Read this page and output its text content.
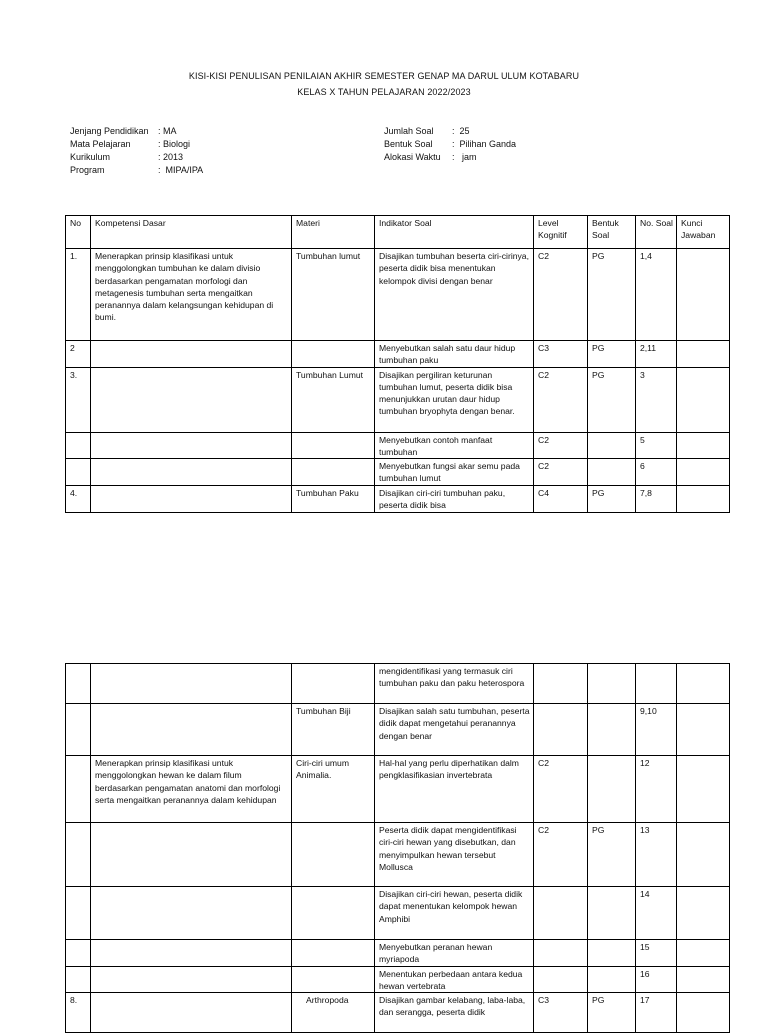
KISI-KISI PENULISAN PENILAIAN AKHIR SEMESTER GENAP MA DARUL ULUM KOTABARU
KELAS X TAHUN PELAJARAN 2022/2023
Jenjang Pendidikan	: MA
Mata Pelajaran	: Biologi
Kurikulum	: 2013
Program	:  MIPA/IPA
Jumlah Soal	:  25
Bentuk Soal	:  Pilihan Ganda
Alokasi Waktu	:   jam
No	Kompetensi Dasar	Materi	Indikator Soal	Level Kognitif	Bentuk Soal	No. Soal	Kunci Jawaban
1.	Menerapkan prinsip klasifikasi untuk menggolongkan tumbuhan ke dalam divisio berdasarkan pengamatan morfologi dan metagenesis tumbuhan serta mengaitkan peranannya dalam kelangsungan kehidupan di bumi.	Tumbuhan lumut	Disajikan tumbuhan beserta ciri-cirinya, peserta didik bisa menentukan kelompok divisi dengan benar	C2	PG	1,4	
2			Menyebutkan salah satu daur hidup tumbuhan paku	C3	PG	2,11	
3.		Tumbuhan Lumut	Disajikan pergiliran keturunan tumbuhan lumut, peserta didik bisa menunjukkan urutan daur hidup tumbuhan bryophyta dengan benar.	C2	PG	3	
			Menyebutkan contoh manfaat tumbuhan	C2		5	
			Menyebutkan fungsi akar semu pada tumbuhan lumut	C2		6	
4.		Tumbuhan Paku	Disajikan ciri-ciri tumbuhan paku, peserta didik bisa	C4	PG	7,8	
			mengidentifikasi yang termasuk ciri tumbuhan paku dan paku heterospora				
		Tumbuhan Biji	Disajikan salah satu tumbuhan, peserta didik dapat mengetahui peranannya dengan benar			9,10	
	Menerapkan prinsip klasifikasi untuk menggolongkan hewan ke dalam filum berdasarkan pengamatan anatomi dan morfologi serta mengaitkan peranannya dalam kehidupan	Ciri-ciri umum Animalia.	Hal-hal yang perlu diperhatikan dalm pengklasifikasian invertebrata	C2		12	
			Peserta didik dapat mengidentifikasi ciri-ciri hewan yang disebutkan, dan menyimpulkan hewan tersebut Mollusca	C2	PG	13	
			Disajikan ciri-ciri hewan, peserta didik dapat menentukan kelompok hewan Amphibi			14	
			Menyebutkan peranan hewan myriapoda			15	
			Menentukan perbedaan antara kedua hewan vertebrata			16	
8.		Arthropoda	Disajikan gambar kelabang, laba-laba, dan serangga, peserta didik	C3	PG	17	
